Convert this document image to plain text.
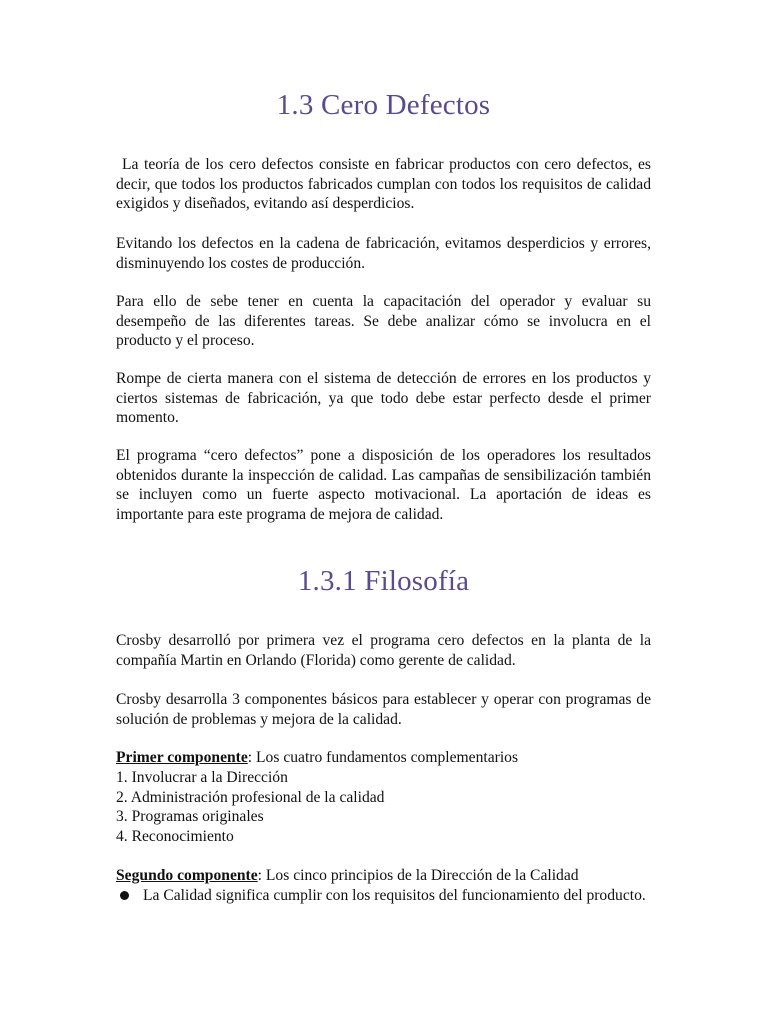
1.3 Cero Defectos

La teoría de los cero defectos consiste en fabricar productos con cero defectos, es decir, que todos los productos fabricados cumplan con todos los requisitos de calidad exigidos y diseñados, evitando así desperdicios.

Evitando los defectos en la cadena de fabricación, evitamos desperdicios y errores, disminuyendo los costes de producción.

Para ello de sebe tener en cuenta la capacitación del operador y evaluar su desempeño de las diferentes tareas. Se debe analizar cómo se involucra en el producto y el proceso.

Rompe de cierta manera con el sistema de detección de errores en los productos y ciertos sistemas de fabricación, ya que todo debe estar perfecto desde el primer momento.

El programa “cero defectos” pone a disposición de los operadores los resultados obtenidos durante la inspección de calidad. Las campañas de sensibilización también se incluyen como un fuerte aspecto motivacional. La aportación de ideas es importante para este programa de mejora de calidad.

1.3.1 Filosofía

Crosby desarrolló por primera vez el programa cero defectos en la planta de la compañía Martin en Orlando (Florida) como gerente de calidad.

Crosby desarrolla 3 componentes básicos para establecer y operar con programas de solución de problemas y mejora de la calidad.

Primer componente: Los cuatro fundamentos complementarios
1. Involucrar a la Dirección
2. Administración profesional de la calidad
3. Programas originales
4. Reconocimiento
Segundo componente: Los cinco principios de la Dirección de la Calidad

La Calidad significa cumplir con los requisitos del funcionamiento del producto.
